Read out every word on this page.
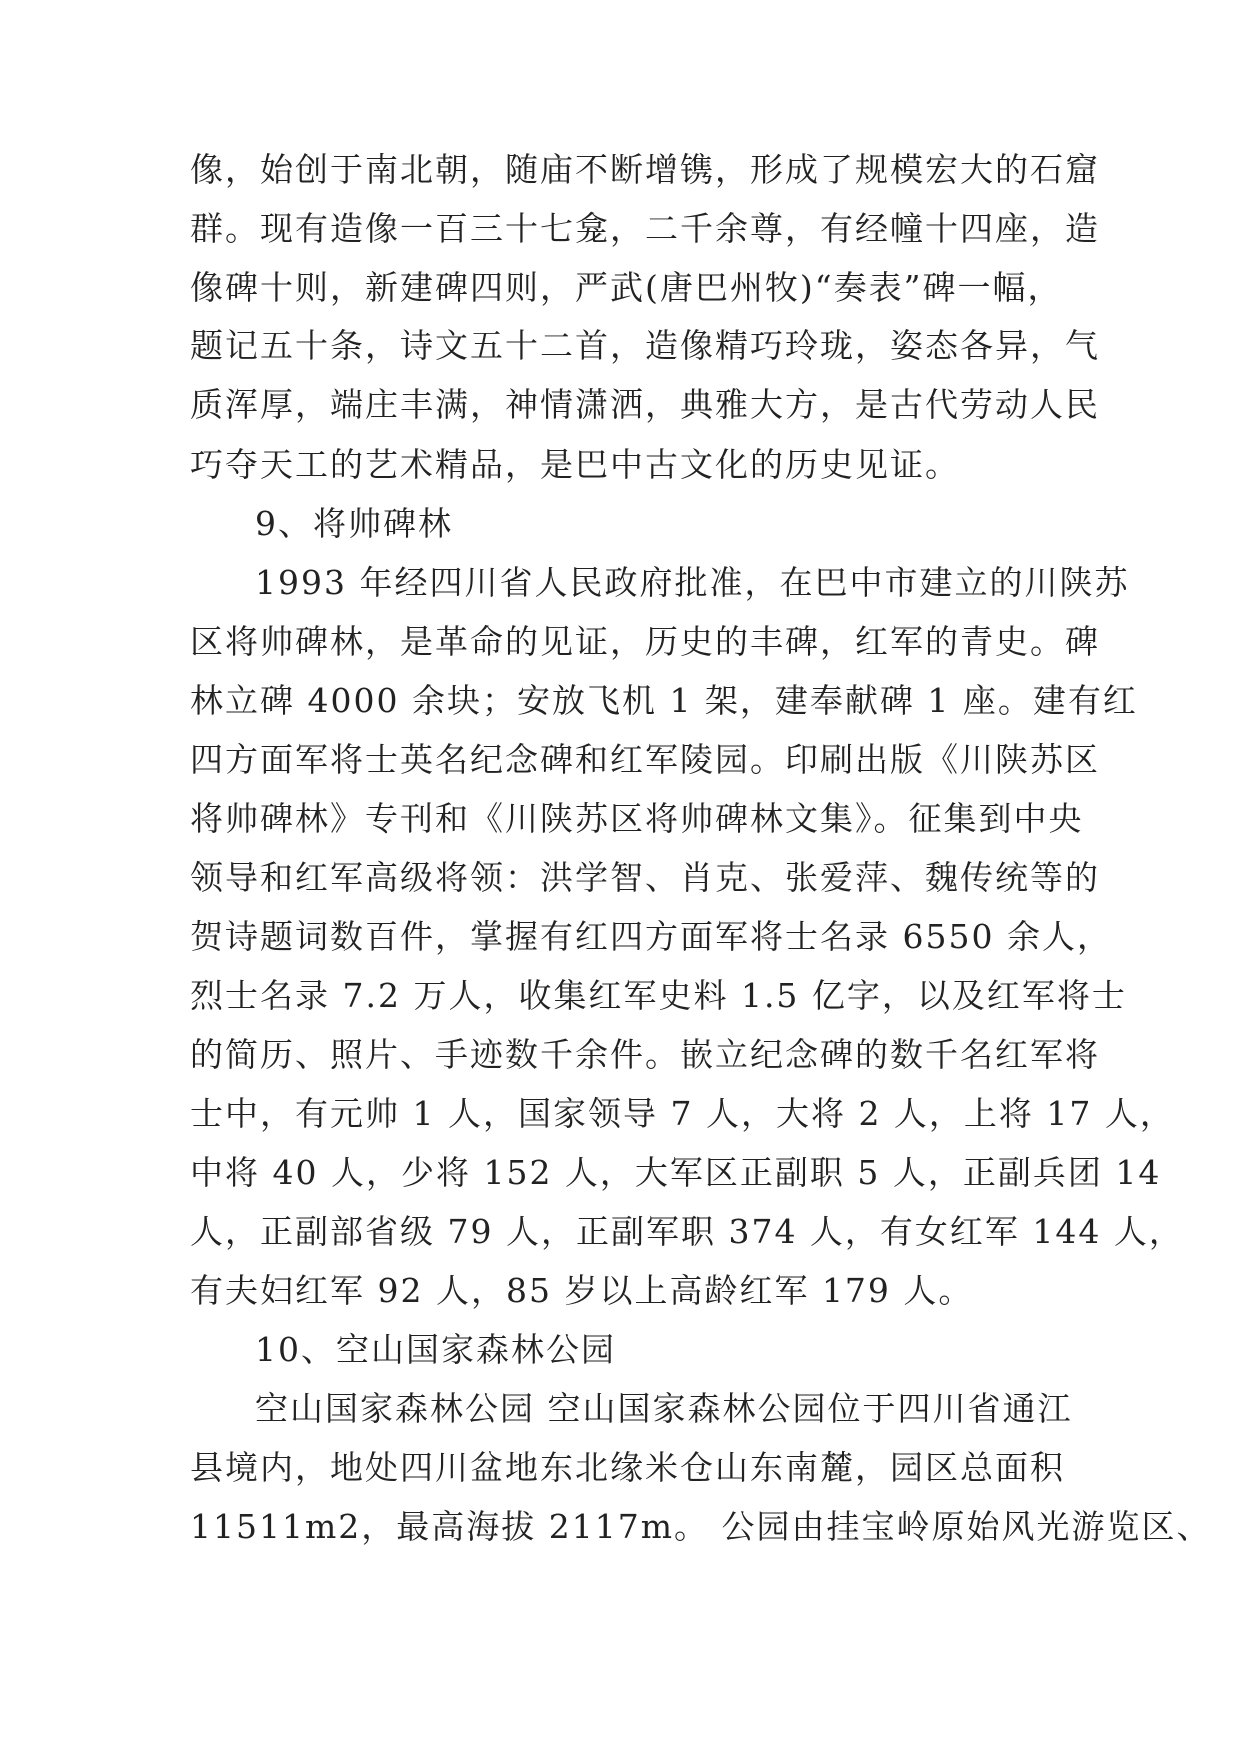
像，始创于南北朝，随庙不断增镌，形成了规模宏大的石窟
群。现有造像一百三十七龛，二千余尊，有经幢十四座，造
像碑十则，新建碑四则，严武(唐巴州牧)“奏表”碑一幅，
题记五十条，诗文五十二首，造像精巧玲珑，姿态各异，气
质浑厚，端庄丰满，神情潇洒，典雅大方，是古代劳动人民
巧夺天工的艺术精品，是巴中古文化的历史见证。
9、将帅碑林
1993 年经四川省人民政府批准，在巴中市建立的川陕苏
区将帅碑林，是革命的见证，历史的丰碑，红军的青史。碑
林立碑 4000 余块；安放飞机 1 架，建奉献碑 1 座。建有红
四方面军将士英名纪念碑和红军陵园。印刷出版《川陕苏区
将帅碑林》专刊和《川陕苏区将帅碑林文集》。征集到中央
领导和红军高级将领：洪学智、肖克、张爱萍、魏传统等的
贺诗题词数百件，掌握有红四方面军将士名录 6550 余人，
烈士名录 7.2 万人，收集红军史料 1.5 亿字，以及红军将士
的简历、照片、手迹数千余件。嵌立纪念碑的数千名红军将
士中，有元帅 1 人，国家领导 7 人，大将 2 人，上将 17 人，
中将 40 人，少将 152 人，大军区正副职 5 人，正副兵团 14
人，正副部省级 79 人，正副军职 374 人，有女红军 144 人，
有夫妇红军 92 人，85 岁以上高龄红军 179 人。
10、空山国家森林公园
空山国家森林公园 空山国家森林公园位于四川省通江
县境内，地处四川盆地东北缘米仓山东南麓，园区总面积
11511m2，最高海拔 2117m。 公园由挂宝岭原始风光游览区、
